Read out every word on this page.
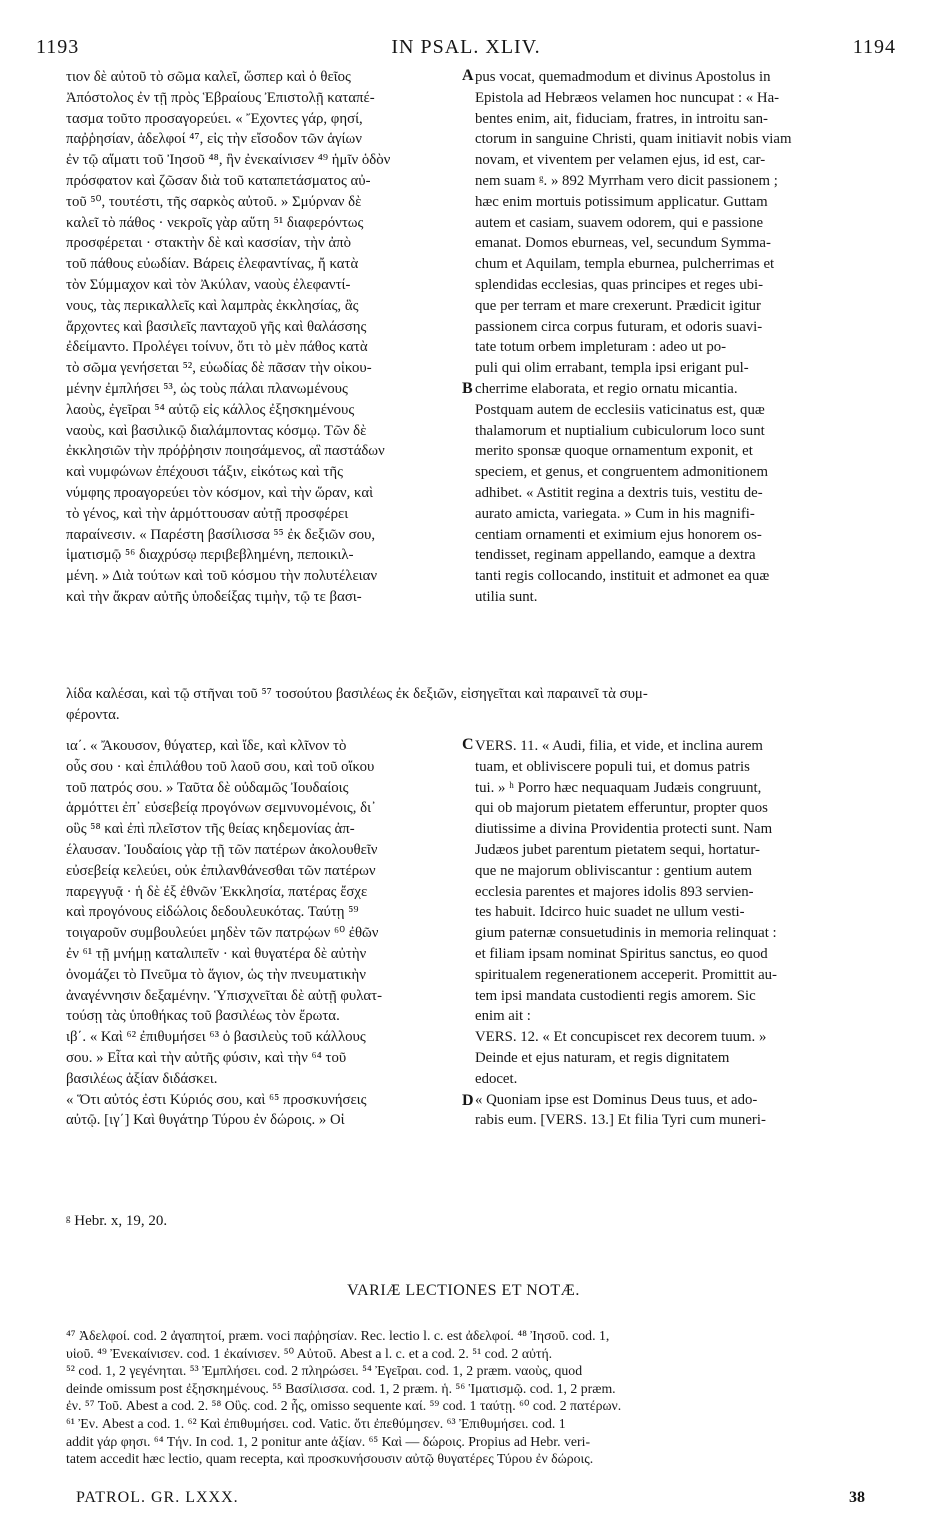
1193	IN PSAL. XLIV.	1194
τιον δὲ αὐτοῦ τὸ σῶμα καλεῖ, ὥσπερ καὶ ὁ θεῖος
Ἀπόστολος ἐν τῇ πρὸς Ἑβραίους Ἐπιστολῇ καταπέ-
τασμα τοῦτο προσαγορεύει. « Ἔχοντες γάρ, φησί,
παῤῥησίαν, ἀδελφοί ⁴⁷, εἰς τὴν εἴσοδον τῶν ἁγίων
ἐν τῷ αἵματι τοῦ Ἰησοῦ ⁴⁸, ἣν ἐνεκαίνισεν ⁴⁹ ἡμῖν ὁδὸν
πρόσφατον καὶ ζῶσαν διὰ τοῦ καταπετάσματος αὐ-
τοῦ ⁵⁰, τουτέστι, τῆς σαρκὸς αὐτοῦ. » Σμύρναν δὲ
καλεῖ τὸ πάθος · νεκροῖς γὰρ αὕτη ⁵¹ διαφερόντως
προσφέρεται · στακτὴν δὲ καὶ κασσίαν, τὴν ἀπὸ
τοῦ πάθους εὐωδίαν. Βάρεις ἐλεφαντίνας, ἤ κατὰ
τὸν Σύμμαχον καὶ τὸν Ἀκύλαν, ναοὺς ἐλεφαντί-
νους, τὰς περικαλλεῖς καὶ λαμπρὰς ἐκκλησίας, ἃς
ἄρχοντες καὶ βασιλεῖς πανταχοῦ γῆς καὶ θαλάσσης
ἐδείμαντο. Προλέγει τοίνυν, ὅτι τὸ μὲν πάθος κατὰ
τὸ σῶμα γενήσεται ⁵², εὐωδίας δὲ πᾶσαν τὴν οἰκου-
μένην ἐμπλήσει ⁵³, ὡς τοὺς πάλαι πλανωμένους
λαοὺς, ἐγεῖραι ⁵⁴ αὐτῷ εἰς κάλλος ἐξησκημένους
ναοὺς, καὶ βασιλικῷ διαλάμποντας κόσμῳ. Τῶν δὲ
ἐκκλησιῶν τὴν πρόῤῥησιν ποιησάμενος, αἳ παστάδων
καὶ νυμφώνων ἐπέχουσι τάξιν, εἰκότως καὶ τῆς
νύμφης προαγορεύει τὸν κόσμον, καὶ τὴν ὥραν, καὶ
τὸ γένος, καὶ τὴν ἁρμόττουσαν αὐτῇ προσφέρει
παραίνεσιν. « Παρέστη βασίλισσα ⁵⁵ ἐκ δεξιῶν σου,
ἱματισμῷ ⁵⁶ διαχρύσῳ περιβεβλημένη, πεποικιλ-
μένη. » Διὰ τούτων καὶ τοῦ κόσμου τὴν πολυτέλειαν
καὶ τὴν ἄκραν αὐτῆς ὑποδείξας τιμὴν, τῷ τε βασι-
pus vocat, quemadmodum et divinus Apostolus in
Epistola ad Hebræos velamen hoc nuncupat : « Ha-
bentes enim, ait, fiduciam, fratres, in introitu san-
ctorum in sanguine Christi, quam initiavit nobis viam
novam, et viventem per velamen ejus, id est, car-
nem suam ᵍ. » 892 Myrrham vero dicit passionem ;
hæc enim mortuis potissimum applicatur. Guttam
autem et casiam, suavem odorem, qui e passione
emanat. Domos eburneas, vel, secundum Symma-
chum et Aquilam, templa eburnea, pulcherrimas et
splendidas ecclesias, quas principes et reges ubi-
que per terram et mare crexerunt. Prædicit igitur
passionem circa corpus futuram, et odoris suavi-
tate totum orbem impleturam : adeo ut po-
puli qui olim errabant, templa ipsi erigant pul-
cherrime elaborata, et regio ornatu micantia.
Postquam autem de ecclesiis vaticinatus est, quæ
thalamorum et nuptialium cubiculorum loco sunt
merito sponsæ quoque ornamentum exponit, et
speciem, et genus, et congruentem admonitionem
adhibet. « Astitit regina a dextris tuis, vestitu de-
aurato amicta, variegata. » Cum in his magnifi-
centiam ornamenti et eximium ejus honorem os-
tendisset, reginam appellando, eamque a dextra
tanti regis collocando, instituit et admonet ea quæ
utilia sunt.
λίδα καλέσαι, καὶ τῷ στῆναι τοῦ ⁵⁷ τοσούτου βασιλέως ἐκ δεξιῶν, εἰσηγεῖται καὶ παραινεῖ τὰ συμ-
φέροντα.
ια΄. « Ἄκουσον, θύγατερ, καὶ ἴδε, καὶ κλῖνον τὸ
οὖς σου · καὶ ἐπιλάθου τοῦ λαοῦ σου, καὶ τοῦ οἴκου
τοῦ πατρός σου. » Ταῦτα δὲ οὐδαμῶς Ἰουδαίοις
ἁρμόττει ἐπ᾽ εὐσεβείᾳ προγόνων σεμνυνομένοις, δι᾽
οὓς ⁵⁸ καὶ ἐπὶ πλεῖστον τῆς θείας κηδεμονίας ἀπ-
έλαυσαν. Ἰουδαίοις γὰρ τῇ τῶν πατέρων ἀκολουθεῖν
εὐσεβείᾳ κελεύει, οὐκ ἐπιλανθάνεσθαι τῶν πατέρων
παρεγγυᾷ · ἡ δὲ ἐξ ἐθνῶν Ἐκκλησία, πατέρας ἔσχε
καὶ προγόνους εἰδώλοις δεδουλευκότας. Ταύτῃ ⁵⁹
τοιγαροῦν συμβουλεύει μηδὲν τῶν πατρῴων ⁶⁰ ἐθῶν
ἐν ⁶¹ τῇ μνήμῃ καταλιπεῖν · καὶ θυγατέρα δὲ αὐτὴν
ὀνομάζει τὸ Πνεῦμα τὸ ἅγιον, ὡς τὴν πνευματικὴν
ἀναγέννησιν δεξαμένην. Ὑπισχνεῖται δὲ αὐτῇ φυλατ-
τούσῃ τὰς ὑποθήκας τοῦ βασιλέως τὸν ἔρωτα.
ιβ΄. « Καὶ ⁶² ἐπιθυμήσει ⁶³ ὁ βασιλεὺς τοῦ κάλλους
σου. » Εἶτα καὶ τὴν αὐτῆς φύσιν, καὶ τὴν ⁶⁴ τοῦ
βασιλέως ἀξίαν διδάσκει.
« Ὅτι αὐτός ἐστι Κύριός σου, καὶ ⁶⁵ προσκυνήσεις
αὐτῷ. [ιγ΄] Καὶ θυγάτηρ Τύρου ἐν δώροις. » Οἱ
VERS. 11. « Audi, filia, et vide, et inclina aurem
tuam, et obliviscere populi tui, et domus patris
tui. » ʰ Porro hæc nequaquam Judæis congruunt,
qui ob majorum pietatem efferuntur, propter quos
diutissime a divina Providentia protecti sunt. Nam
Judæos jubet parentum pietatem sequi, hortatur-
que ne majorum obliviscantur : gentium autem
ecclesia parentes et majores idolis 893 servien-
tes habuit. Idcirco huic suadet ne ullum vesti-
gium paternæ consuetudinis in memoria relinquat :
et filiam ipsam nominat Spiritus sanctus, eo quod
spiritualem regenerationem acceperit. Promittit au-
tem ipsi mandata custodienti regis amorem. Sic
enim ait :
VERS. 12. « Et concupiscet rex decorem tuum. »
Deinde et ejus naturam, et regis dignitatem
edocet.
« Quoniam ipse est Dominus Deus tuus, et ado-
rabis eum. [VERS. 13.] Et filia Tyri cum muneri-
A
B
C
D
ᵍ Hebr. x, 19, 20.
VARIÆ LECTIONES ET NOTÆ.
⁴⁷ Ἀδελφοί. cod. 2 ἀγαπητοί, præm. voci παῤῥησίαν. Rec. lectio l. c. est ἀδελφοί. ⁴⁸ Ἰησοῦ. cod. 1,
υἱοῦ. ⁴⁹ Ἐνεκαίνισεν. cod. 1 ἐκαίνισεν. ⁵⁰ Αὐτοῦ. Abest a l. c. et a cod. 2. ⁵¹ cod. 2 αὐτή.
⁵² cod. 1, 2 γεγένηται. ⁵³ Ἐμπλήσει. cod. 2 πληρώσει. ⁵⁴ Ἐγεῖραι. cod. 1, 2 præm. ναοὺς, quod
deinde omissum post ἐξησκημένους. ⁵⁵ Βασίλισσα. cod. 1, 2 præm. ἡ. ⁵⁶ Ἱματισμῷ. cod. 1, 2 præm.
ἐν. ⁵⁷ Τοῦ. Abest a cod. 2. ⁵⁸ Οὓς. cod. 2 ἧς, omisso sequente καί. ⁵⁹ cod. 1 ταύτῃ. ⁶⁰ cod. 2 πατέρων.
⁶¹ Ἐν. Abest a cod. 1. ⁶² Καὶ ἐπιθυμήσει. cod. Vatic. ὅτι ἐπεθύμησεν. ⁶³ Ἐπιθυμήσει. cod. 1
addit γάρ φησι. ⁶⁴ Τήν. In cod. 1, 2 ponitur ante ἀξίαν. ⁶⁵ Καὶ — δώροις. Propius ad Hebr. veri-
tatem accedit hæc lectio, quam recepta, καὶ προσκυνήσουσιν αὐτῷ θυγατέρες Τύρου ἐν δώροις.
PATROL. GR. LXXX.	38
